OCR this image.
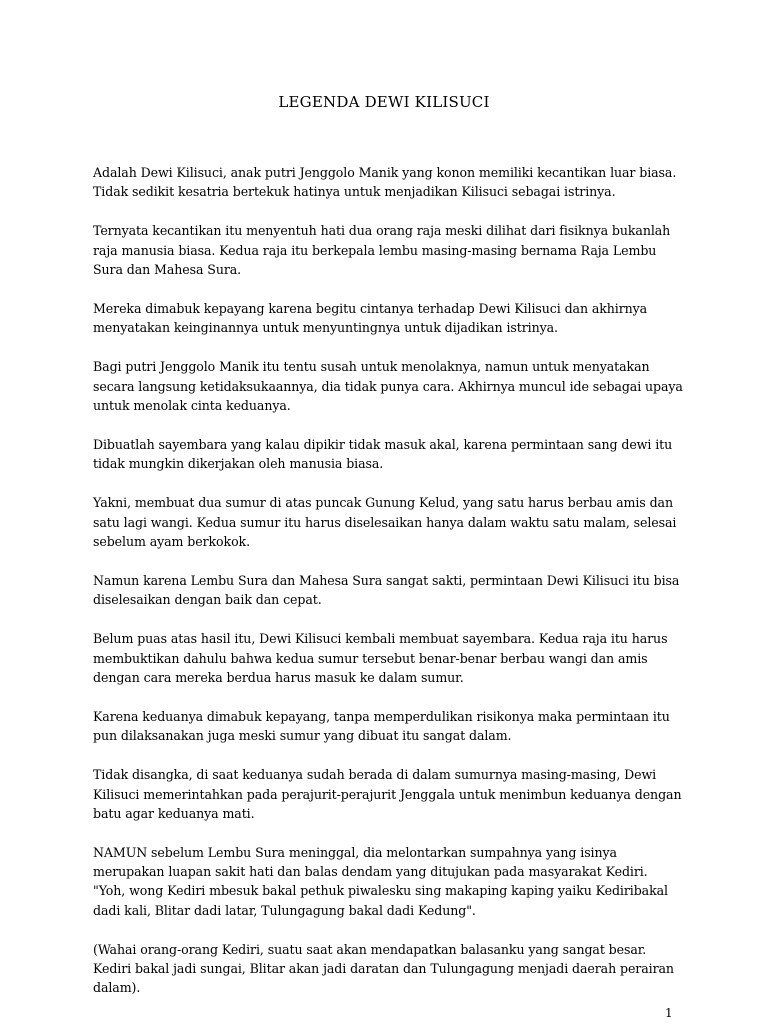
LEGENDA DEWI KILISUCI

Adalah Dewi Kilisuci, anak putri Jenggolo Manik yang konon memiliki kecantikan luar biasa. Tidak sedikit kesatria bertekuk hatinya untuk menjadikan Kilisuci sebagai istrinya.

Ternyata kecantikan itu menyentuh hati dua orang raja meski dilihat dari fisiknya bukanlah raja manusia biasa. Kedua raja itu berkepala lembu masing-masing bernama Raja Lembu Sura dan Mahesa Sura.

Mereka dimabuk kepayang karena begitu cintanya terhadap Dewi Kilisuci dan akhirnya menyatakan keinginannya untuk menyuntingnya untuk dijadikan istrinya.

Bagi putri Jenggolo Manik itu tentu susah untuk menolaknya, namun untuk menyatakan secara langsung ketidaksukaannya, dia tidak punya cara. Akhirnya muncul ide sebagai upaya untuk menolak cinta keduanya.

Dibuatlah sayembara yang kalau dipikir tidak masuk akal, karena permintaan sang dewi itu tidak mungkin dikerjakan oleh manusia biasa.

Yakni, membuat dua sumur di atas puncak Gunung Kelud, yang satu harus berbau amis dan satu lagi wangi. Kedua sumur itu harus diselesaikan hanya dalam waktu satu malam, selesai sebelum ayam berkokok.

Namun karena Lembu Sura dan Mahesa Sura sangat sakti, permintaan Dewi Kilisuci itu bisa diselesaikan dengan baik dan cepat.

Belum puas atas hasil itu, Dewi Kilisuci kembali membuat sayembara. Kedua raja itu harus membuktikan dahulu bahwa kedua sumur tersebut benar-benar berbau wangi dan amis dengan cara mereka berdua harus masuk ke dalam sumur.

Karena keduanya dimabuk kepayang, tanpa memperdulikan risikonya maka permintaan itu pun dilaksanakan juga meski sumur yang dibuat itu sangat dalam.

Tidak disangka, di saat keduanya sudah berada di dalam sumurnya masing-masing, Dewi Kilisuci memerintahkan pada perajurit-perajurit Jenggala untuk menimbun keduanya dengan batu agar keduanya mati.

NAMUN sebelum Lembu Sura meninggal, dia melontarkan sumpahnya yang isinya merupakan luapan sakit hati dan balas dendam yang ditujukan pada masyarakat Kediri. "Yoh, wong Kediri mbesuk bakal pethuk piwalesku sing makaping kaping yaiku Kediribakal dadi kali, Blitar dadi latar, Tulungagung bakal dadi Kedung".

(Wahai orang-orang Kediri, suatu saat akan mendapatkan balasanku yang sangat besar. Kediri bakal jadi sungai, Blitar akan jadi daratan dan Tulungagung menjadi daerah perairan dalam).

1
